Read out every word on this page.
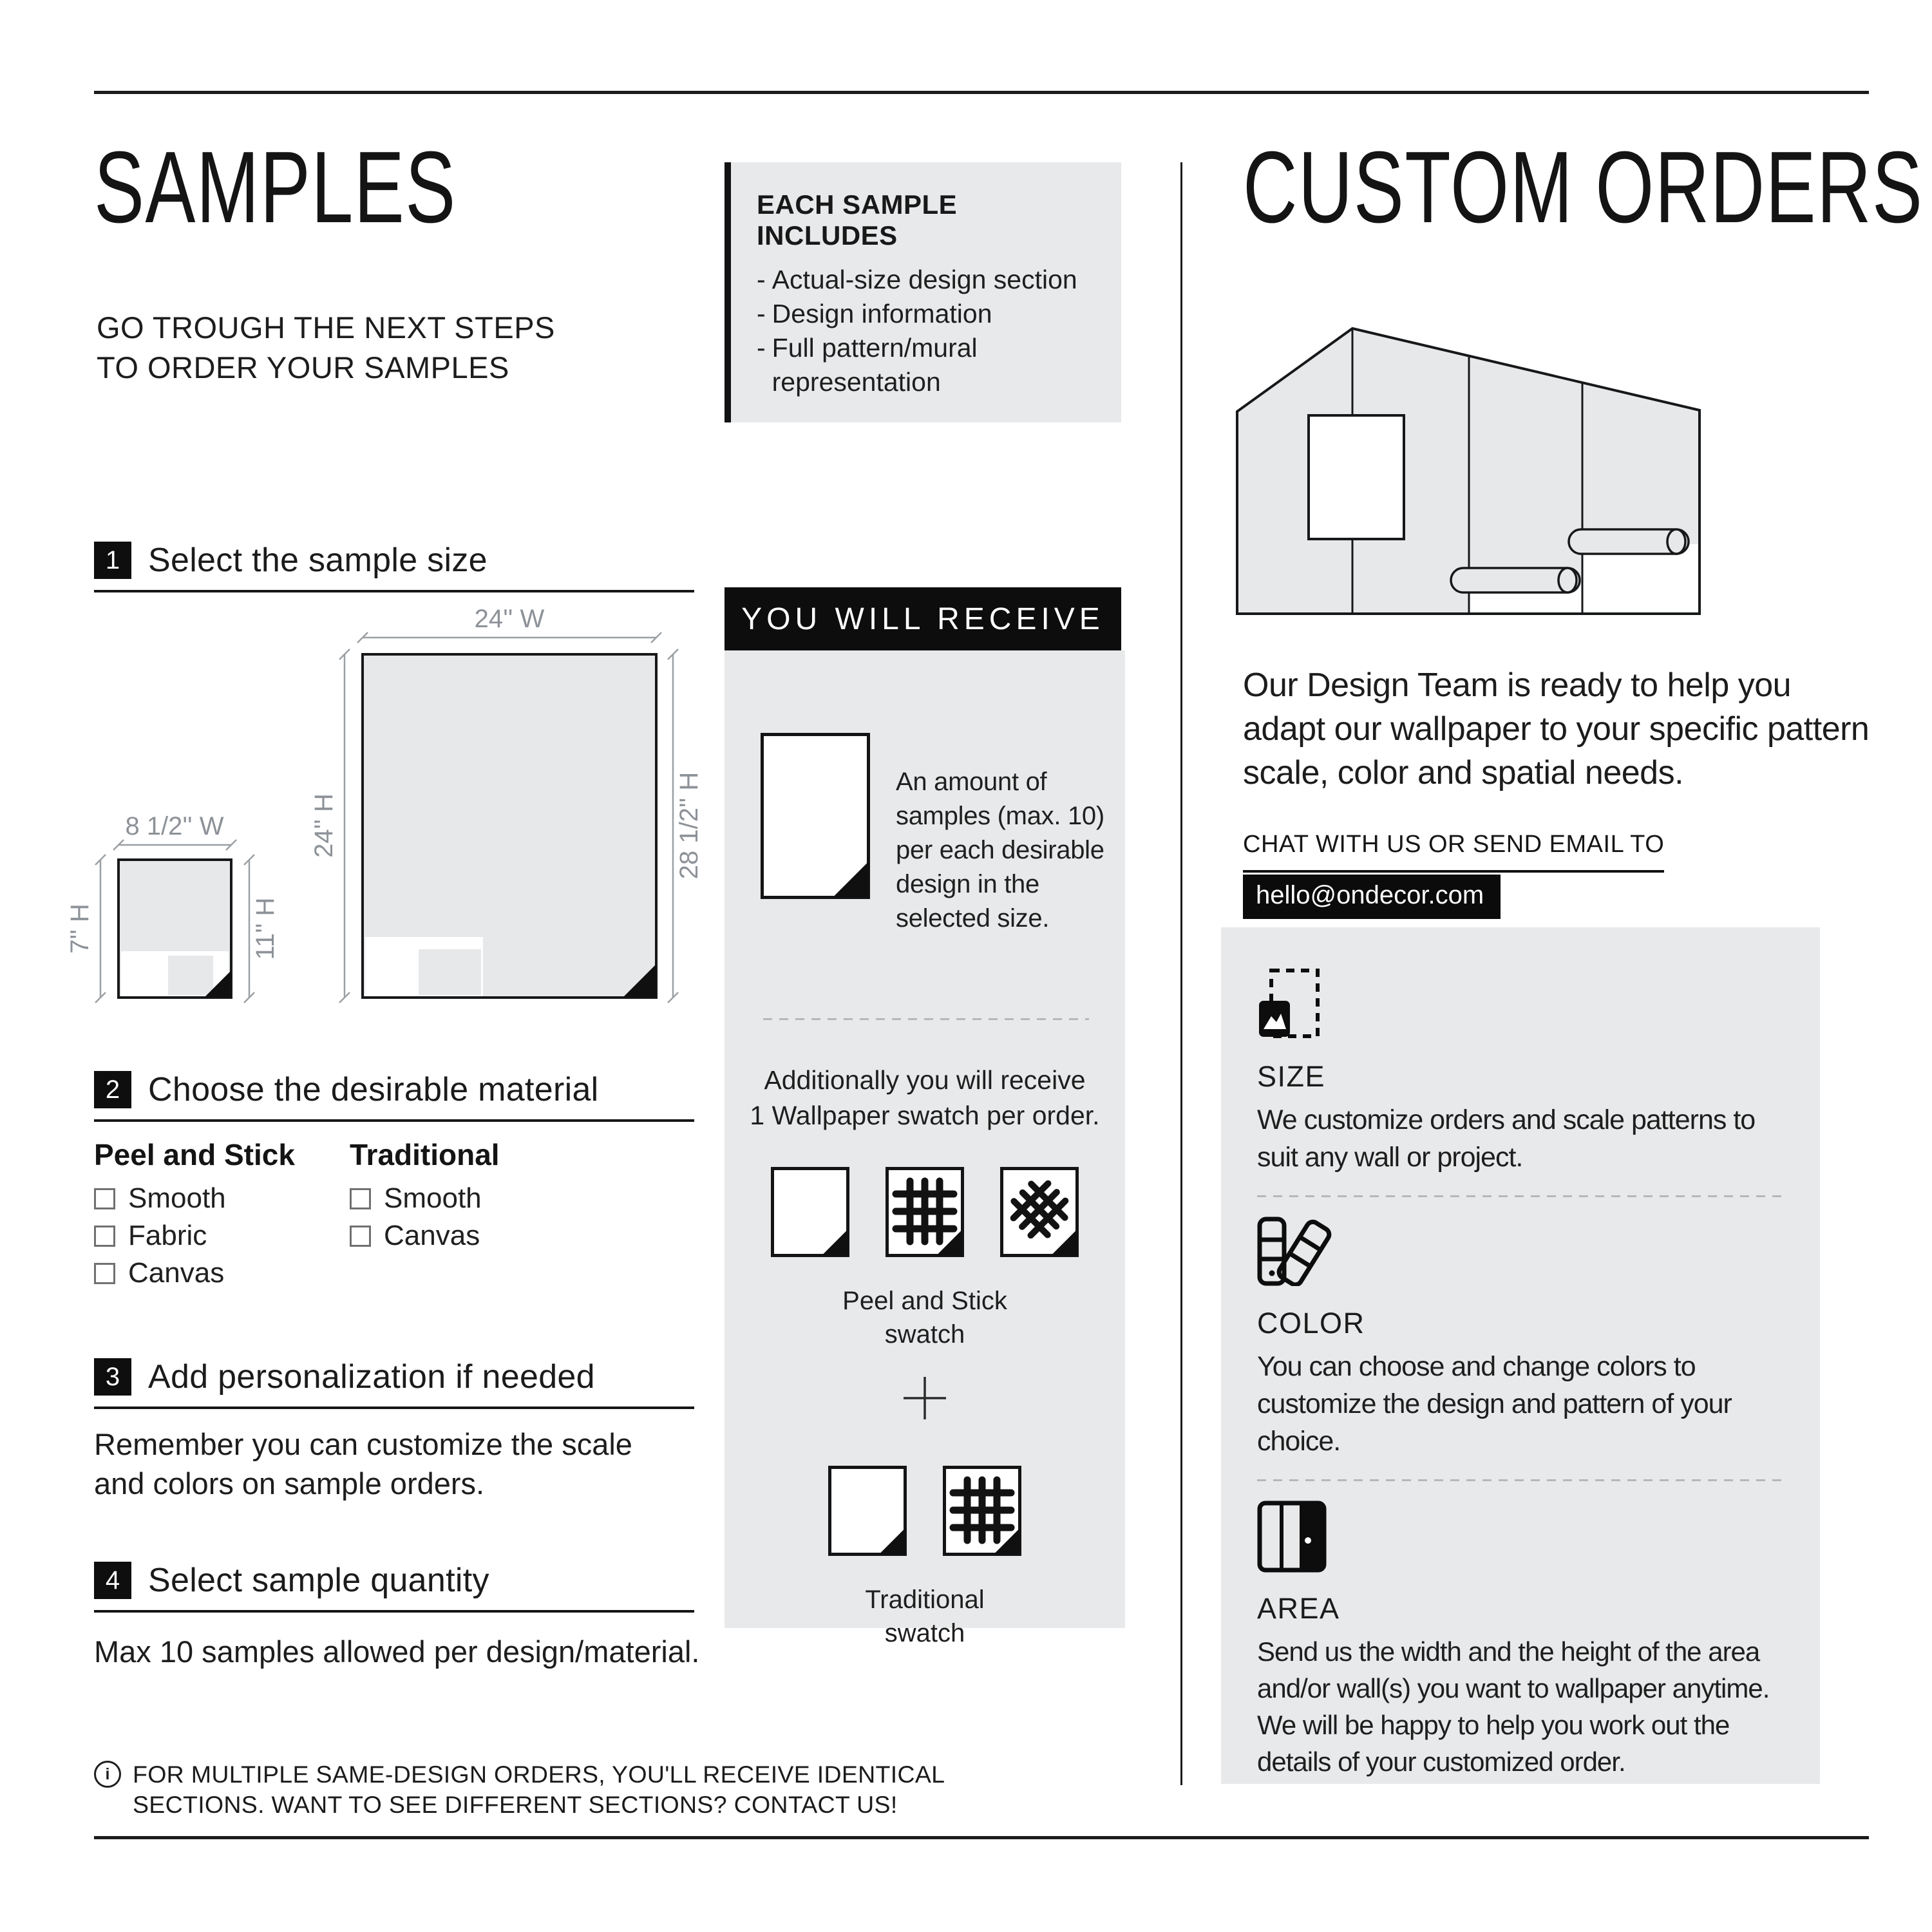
SAMPLES
GO TROUGH THE NEXT STEPS
TO ORDER YOUR SAMPLES
EACH SAMPLE INCLUDES
- Actual-size design section
- Design information
- Full pattern/mural representation
1 Select the sample size
2 Choose the desirable material
3 Add personalization if needed
4 Select sample quantity
24'' W
24'' H	28 1/2'' H
8 1/2'' W
7'' H	11'' H
Peel and Stick Traditional
Smooth
Fabric
Canvas
Smooth
Canvas
Remember you can customize the scale
and colors on sample orders.
Max 10 samples allowed per design/material.
i FOR MULTIPLE SAME-DESIGN ORDERS, YOU'LL RECEIVE IDENTICAL
SECTIONS. WANT TO SEE DIFFERENT SECTIONS? CONTACT US!
YOU WILL RECEIVE
An amount of samples (max. 10) per each desirable design in the selected size.
Additionally you will receive
1 Wallpaper swatch per order.
Peel and Stick
swatch
Traditional
swatch
CUSTOM ORDERS
Our Design Team is ready to help you adapt our wallpaper to your specific pattern scale, color and spatial needs.
CHAT WITH US OR SEND EMAIL TO
hello@ondecor.com
SIZE
We customize orders and scale patterns to suit any wall or project.
COLOR
You can choose and change colors to customize the design and pattern of your choice.
AREA
Send us the width and the height of the area and/or wall(s) you want to wallpaper anytime. We will be happy to help you work out the details of your customized order.
